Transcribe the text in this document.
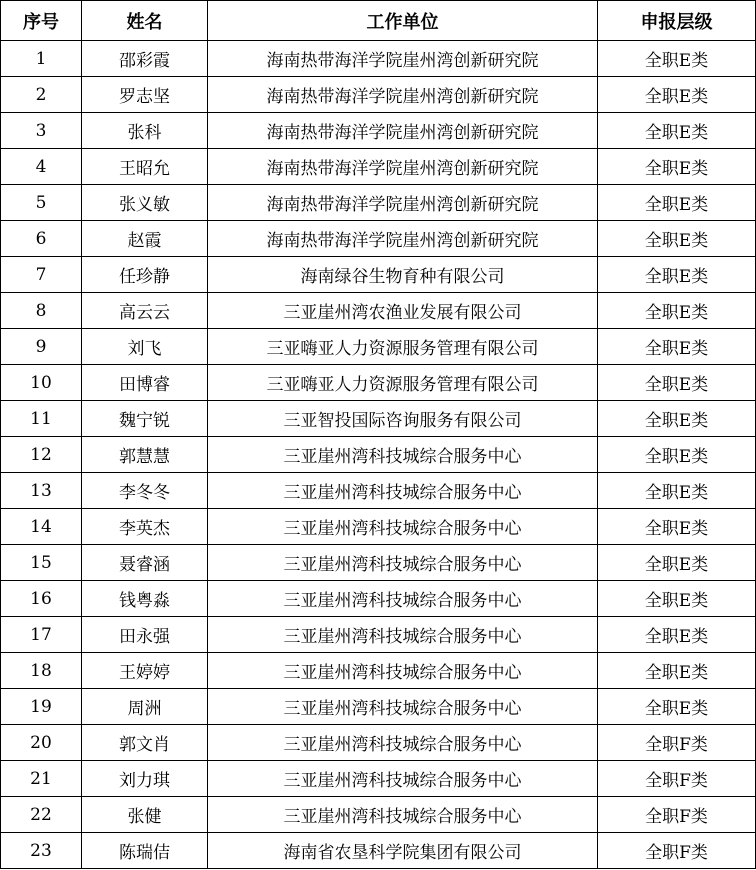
序号	姓名	工作单位	申报层级
1	邵彩霞	海南热带海洋学院崖州湾创新研究院	全职E类
2	罗志坚	海南热带海洋学院崖州湾创新研究院	全职E类
3	张科	海南热带海洋学院崖州湾创新研究院	全职E类
4	王昭允	海南热带海洋学院崖州湾创新研究院	全职E类
5	张义敏	海南热带海洋学院崖州湾创新研究院	全职E类
6	赵霞	海南热带海洋学院崖州湾创新研究院	全职E类
7	任珍静	海南绿谷生物育种有限公司	全职E类
8	高云云	三亚崖州湾农渔业发展有限公司	全职E类
9	刘飞	三亚嗨亚人力资源服务管理有限公司	全职E类
10	田博睿	三亚嗨亚人力资源服务管理有限公司	全职E类
11	魏宁锐	三亚智投国际咨询服务有限公司	全职E类
12	郭慧慧	三亚崖州湾科技城综合服务中心	全职E类
13	李冬冬	三亚崖州湾科技城综合服务中心	全职E类
14	李英杰	三亚崖州湾科技城综合服务中心	全职E类
15	聂睿涵	三亚崖州湾科技城综合服务中心	全职E类
16	钱粤淼	三亚崖州湾科技城综合服务中心	全职E类
17	田永强	三亚崖州湾科技城综合服务中心	全职E类
18	王婷婷	三亚崖州湾科技城综合服务中心	全职E类
19	周洲	三亚崖州湾科技城综合服务中心	全职E类
20	郭文肖	三亚崖州湾科技城综合服务中心	全职F类
21	刘力琪	三亚崖州湾科技城综合服务中心	全职F类
22	张健	三亚崖州湾科技城综合服务中心	全职F类
23	陈瑞佶	海南省农垦科学院集团有限公司	全职F类
